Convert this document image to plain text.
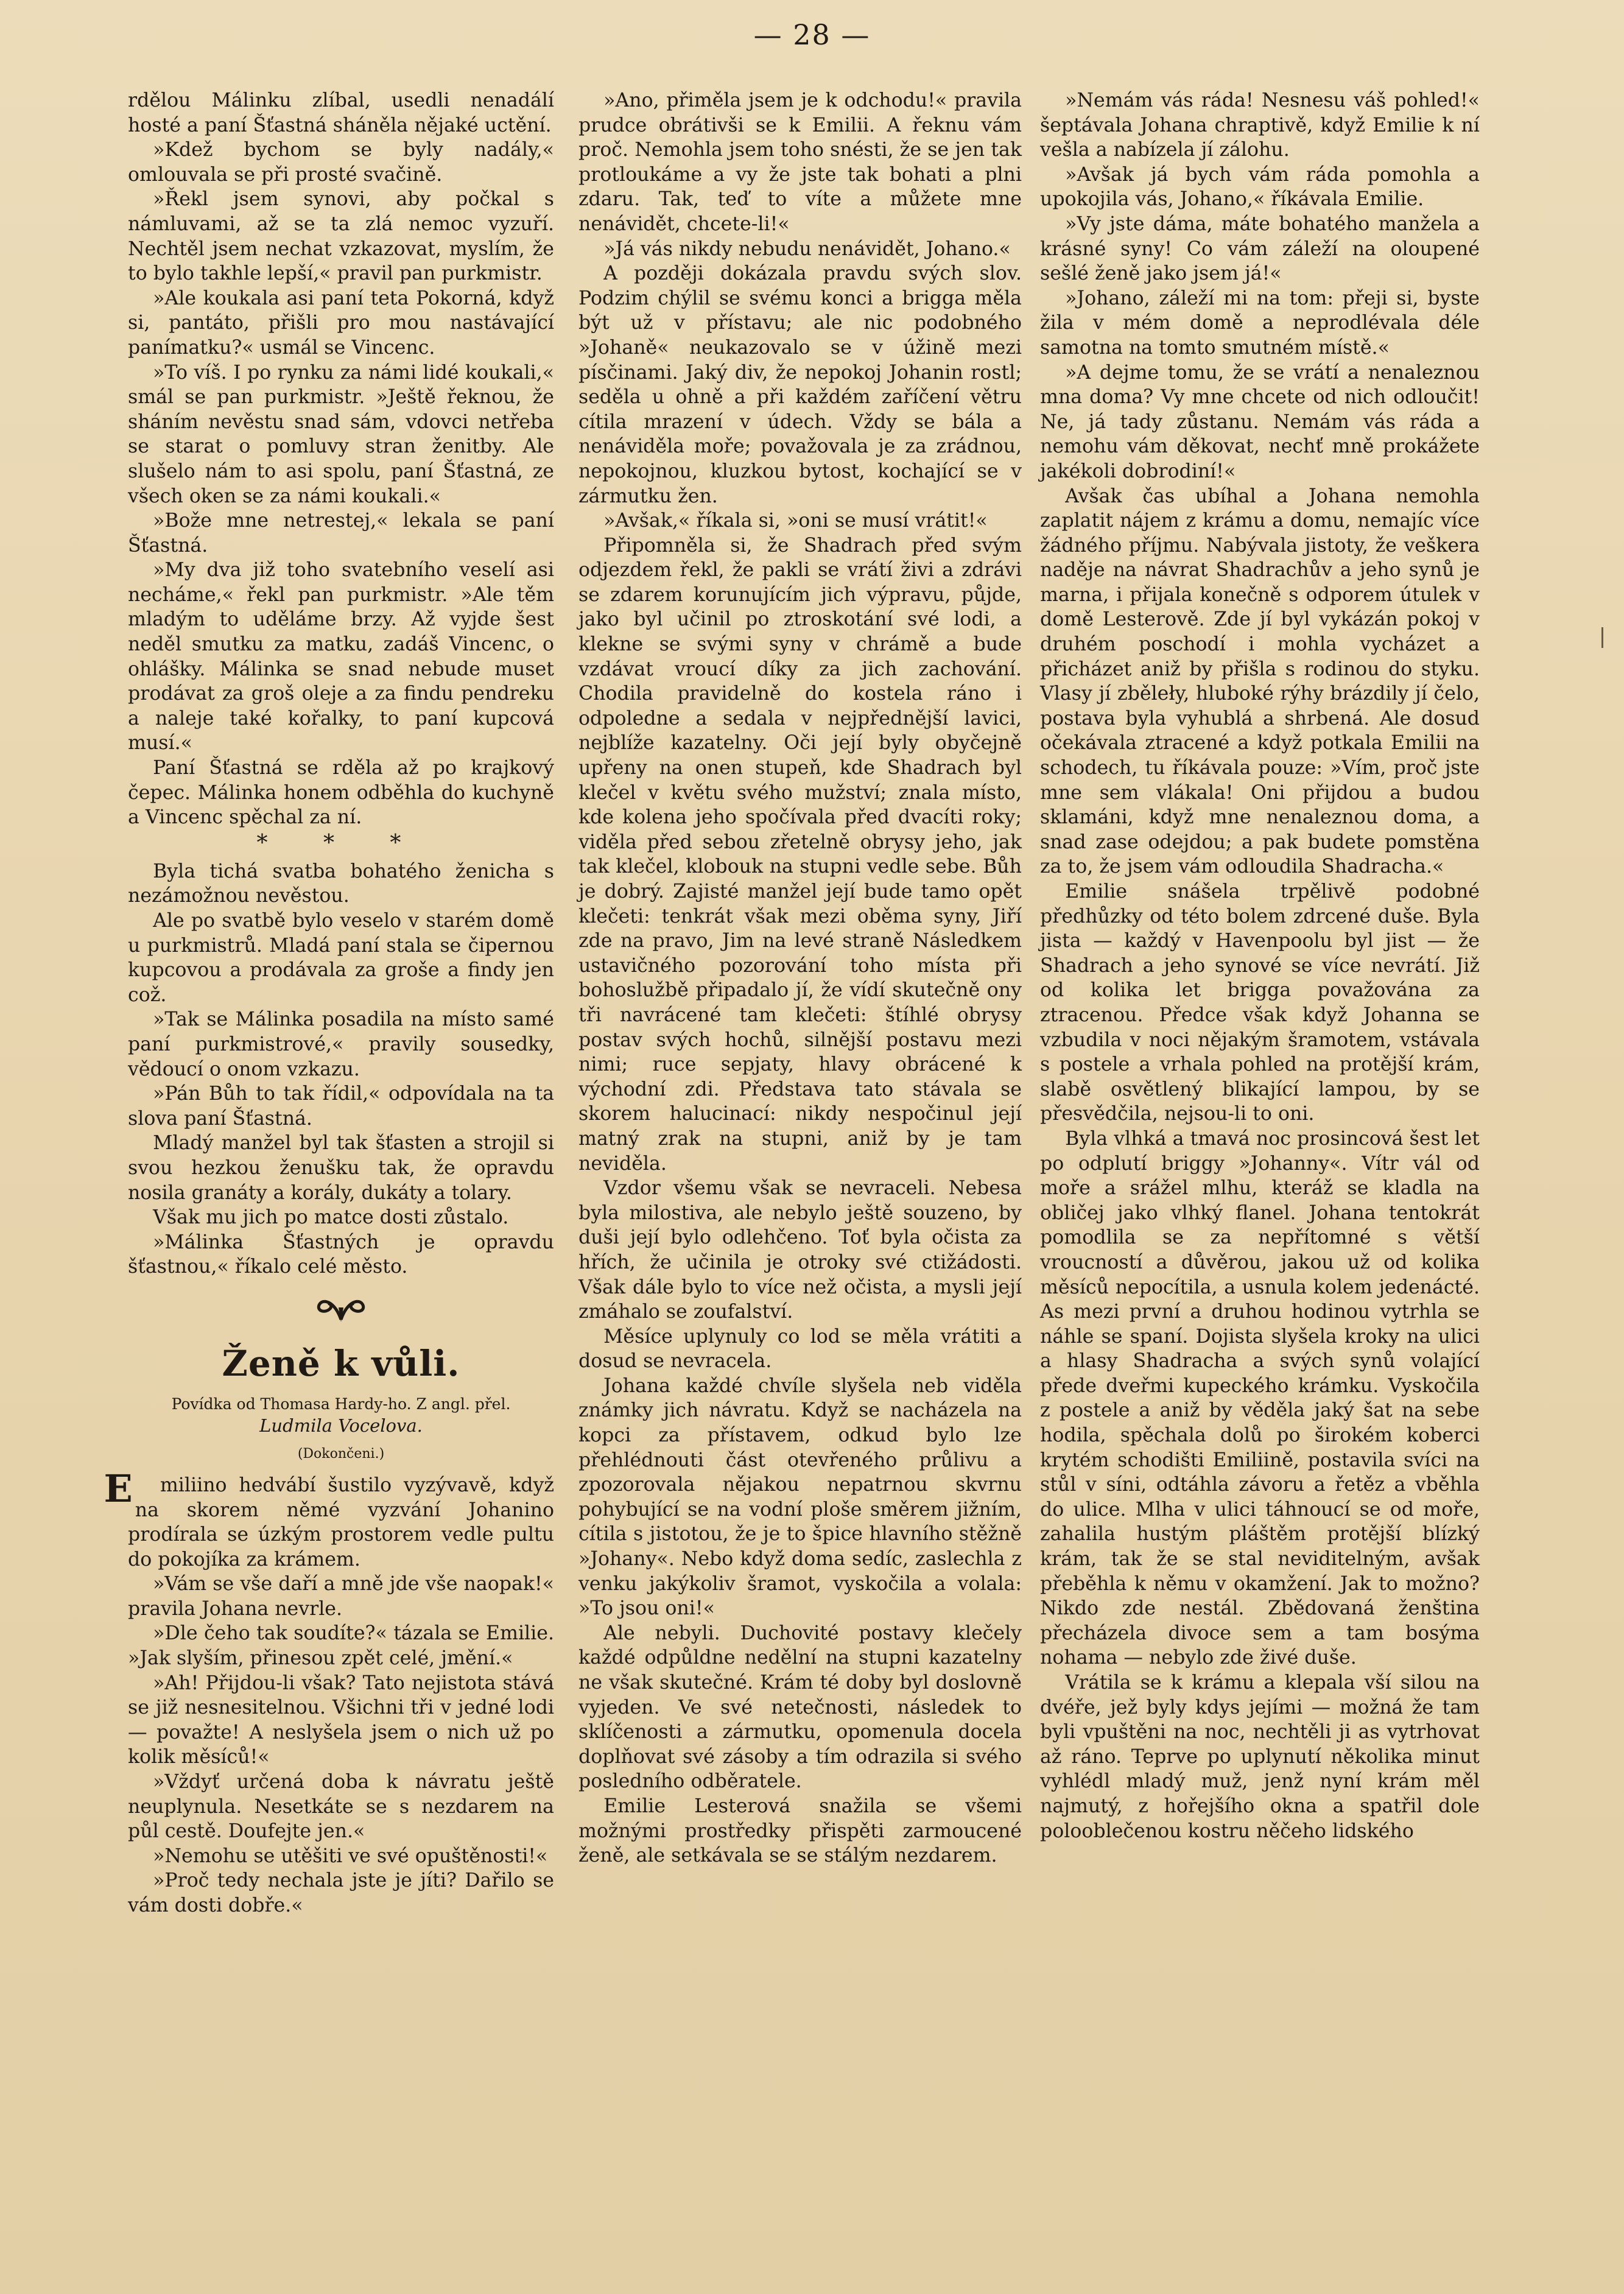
— 28 —

rdělou Málinku zlíbal, usedli nenadálí hosté a paní Šťastná sháněla nějaké uctění.

»Kdež bychom se byly nadály,« omlouvala se při prosté svačině.

»Řekl jsem synovi, aby počkal s námluvami, až se ta zlá nemoc vyzuří. Nechtěl jsem nechat vzkazovat, myslím, že to bylo takhle lepší,« pravil pan purkmistr.

»Ale koukala asi paní teta Pokorná, když si, pantáto, přišli pro mou nastávající panímatku?« usmál se Vincenc.

»To víš. I po rynku za námi lidé koukali,« smál se pan purkmistr. »Ještě řeknou, že sháním nevěstu snad sám, vdovci netřeba se starat o pomluvy stran ženitby. Ale slušelo nám to asi spolu, paní Šťastná, ze všech oken se za námi koukali.«

»Bože mne netrestej,« lekala se paní Šťastná.

»My dva již toho svatebního veselí asi necháme,« řekl pan purkmistr. »Ale těm mladým to uděláme brzy. Až vyjde šest neděl smutku za matku, zadáš Vincenc, o ohlášky. Málinka se snad nebude muset prodávat za groš oleje a za findu pendreku a naleje také kořalky, to paní kupcová musí.«

Paní Šťastná se rděla až po krajkový čepec. Málinka honem odběhla do kuchyně a Vincenc spěchal za ní.

* * *

Byla tichá svatba bohatého ženicha s nezámožnou nevěstou.

Ale po svatbě bylo veselo v starém domě u purkmistrů. Mladá paní stala se čipernou kupcovou a prodávala za groše a findy jen což.

»Tak se Málinka posadila na místo samé paní purkmistrové,« pravily sousedky, vědoucí o onom vzkazu.

»Pán Bůh to tak řídil,« odpovídala na ta slova paní Šťastná.

Mladý manžel byl tak šťasten a strojil si svou hezkou ženušku tak, že opravdu nosila granáty a korály, dukáty a tolary.

Však mu jich po matce dosti zůstalo.

»Málinka Šťastných je opravdu šťastnou,« říkalo celé město.

Ženě k vůli.
Povídka od Thomasa Hardy-ho. Z angl. přel.
Ludmila Vocelova.
(Dokončeni.)

E miliino hedvábí šustilo vyzývavě, když na skorem němé vyzvání Johanino prodírala se úzkým prostorem vedle pultu do pokojíka za krámem.

»Vám se vše daří a mně jde vše naopak!« pravila Johana nevrle.

»Dle čeho tak soudíte?« tázala se Emilie. »Jak slyším, přinesou zpět celé, jmění.«

»Ah! Přijdou-li však? Tato nejistota stává se již nesnesitelnou. Všichni tři v jedné lodi — považte! A neslyšela jsem o nich už po kolik měsíců!«

»Vždyť určená doba k návratu ještě neuplynula. Nesetkáte se s nezdarem na půl cestě. Doufejte jen.«

»Nemohu se utěšiti ve své opuštěnosti!«

»Proč tedy nechala jste je jíti? Dařilo se vám dosti dobře.«

»Ano, přiměla jsem je k odchodu!« pravila prudce obrátivši se k Emilii. A řeknu vám proč. Nemohla jsem toho snésti, že se jen tak protloukáme a vy že jste tak bohati a plni zdaru. Tak, teď to víte a můžete mne nenávidět, chcete-li!«

»Já vás nikdy nebudu nenávidět, Johano.«

A později dokázala pravdu svých slov. Podzim chýlil se svému konci a brigga měla být už v přístavu; ale nic podobného »Johaně« neukazovalo se v úžině mezi písčinami. Jaký div, že nepokoj Johanin rostl; seděla u ohně a při každém zaříčení větru cítila mrazení v údech. Vždy se bála a nenáviděla moře; považovala je za zrádnou, nepokojnou, kluzkou bytost, kochající se v zármutku žen.

»Avšak,« říkala si, »oni se musí vrátit!«

Připomněla si, že Shadrach před svým odjezdem řekl, že pakli se vrátí živi a zdrávi se zdarem korunujícím jich výpravu, půjde, jako byl učinil po ztroskotání své lodi, a klekne se svými syny v chrámě a bude vzdávat vroucí díky za jich zachování. Chodila pravidelně do kostela ráno i odpoledne a sedala v nejpřednější lavici, nejblíže kazatelny. Oči její byly obyčejně upřeny na onen stupeň, kde Shadrach byl klečel v květu svého mužství; znala místo, kde kolena jeho spočívala před dvacíti roky; viděla před sebou zřetelně obrysy jeho, jak tak klečel, klobouk na stupni vedle sebe. Bůh je dobrý. Zajisté manžel její bude tamo opět klečeti: tenkrát však mezi oběma syny, Jiří zde na pravo, Jim na levé straně Následkem ustavičného pozorování toho místa při bohoslužbě připadalo jí, že vídí skutečně ony tři navrácené tam klečeti: štíhlé obrysy postav svých hochů, silnější postavu mezi nimi; ruce sepjaty, hlavy obrácené k východní zdi. Představa tato stávala se skorem halucinací: nikdy nespočinul její matný zrak na stupni, aniž by je tam neviděla.

Vzdor všemu však se nevraceli. Nebesa byla milostiva, ale nebylo ještě souzeno, by duši její bylo odlehčeno. Toť byla očista za hřích, že učinila je otroky své ctižádosti. Však dále bylo to více než očista, a mysli její zmáhalo se zoufalství.

Měsíce uplynuly co lod se měla vrátiti a dosud se nevracela.

Johana každé chvíle slyšela neb viděla známky jich návratu. Když se nacházela na kopci za přístavem, odkud bylo lze přehlédnouti část otevřeného průlivu a zpozorovala nějakou nepatrnou skvrnu pohybující se na vodní ploše směrem jižním, cítila s jistotou, že je to špice hlavního stěžně »Johany«. Nebo když doma sedíc, zaslechla z venku jakýkoliv šramot, vyskočila a volala: »To jsou oni!«

Ale nebyli. Duchovité postavy klečely každé odpůldne nedělní na stupni kazatelny ne však skutečné. Krám té doby byl doslovně vyjeden. Ve své netečnosti, následek to sklíčenosti a zármutku, opomenula docela doplňovat své zásoby a tím odrazila si svého posledního odběratele.

Emilie Lesterová snažila se všemi možnými prostředky přispěti zarmoucené ženě, ale setkávala se se stálým nezdarem.

»Nemám vás ráda! Nesnesu váš pohled!« šeptávala Johana chraptivě, když Emilie k ní vešla a nabízela jí zálohu.

»Avšak já bych vám ráda pomohla a upokojila vás, Johano,« říkávala Emilie.

»Vy jste dáma, máte bohatého manžela a krásné syny! Co vám záleží na oloupené sešlé ženě jako jsem já!«

»Johano, záleží mi na tom: přeji si, byste žila v mém domě a neprodlévala déle samotna na tomto smutném místě.«

»A dejme tomu, že se vrátí a nenaleznou mna doma? Vy mne chcete od nich odloučit! Ne, já tady zůstanu. Nemám vás ráda a nemohu vám děkovat, nechť mně prokážete jakékoli dobrodiní!«

Avšak čas ubíhal a Johana nemohla zaplatit nájem z krámu a domu, nemajíc více žádného příjmu. Nabývala jistoty, že veškera naděje na návrat Shadrachův a jeho synů je marna, i přijala konečně s odporem útulek v domě Lesterově. Zde jí byl vykázán pokoj v druhém poschodí i mohla vycházet a přicházet aniž by přišla s rodinou do styku. Vlasy jí zběleły, hluboké rýhy brázdily jí čelo, postava byla vyhublá a shrbená. Ale dosud očekávala ztracené a když potkala Emilii na schodech, tu říkávala pouze: »Vím, proč jste mne sem vlákala! Oni přijdou a budou sklamáni, když mne nenaleznou doma, a snad zase odejdou; a pak budete pomstěna za to, že jsem vám odloudila Shadracha.«

Emilie snášela trpělivě podobné předhůzky od této bolem zdrcené duše. Byla jista — každý v Havenpoolu byl jist — že Shadrach a jeho synové se více nevrátí. Již od kolika let brigga považována za ztracenou. Předce však když Johanna se vzbudila v noci nějakým šramotem, vstávala s postele a vrhala pohled na protější krám, slabě osvětlený blikající lampou, by se přesvědčila, nejsou-li to oni.

Byla vlhká a tmavá noc prosincová šest let po odplutí briggy »Johanny«. Vítr vál od moře a srážel mlhu, kteráž se kladla na obličej jako vlhký flanel. Johana tentokrát pomodlila se za nepřítomné s větší vroucností a důvěrou, jakou už od kolika měsíců nepocítila, a usnula kolem jedenácté. As mezi první a druhou hodinou vytrhla se náhle se spaní. Dojista slyšela kroky na ulici a hlasy Shadracha a svých synů volající přede dveřmi kupeckého krámku. Vyskočila z postele a aniž by věděla jaký šat na sebe hodila, spěchala dolů po širokém koberci krytém schodišti Emiliině, postavila svíci na stůl v síni, odtáhla závoru a řetěz a vběhla do ulice. Mlha v ulici táhnoucí se od moře, zahalila hustým pláštěm protější blízký krám, tak že se stal neviditelným, avšak přeběhla k němu v okamžení. Jak to možno? Nikdo zde nestál. Zbědovaná ženština přecházela divoce sem a tam bosýma nohama — nebylo zde živé duše.

Vrátila se k krámu a klepala vší silou na dvéře, jež byly kdys jejími — možná že tam byli vpuštěni na noc, nechtěli ji as vytrhovat až ráno. Teprve po uplynutí několika minut vyhlédl mladý muž, jenž nyní krám měl najmutý, z hořejšího okna a spatřil dole polooblečenou kostru něčeho lidského
